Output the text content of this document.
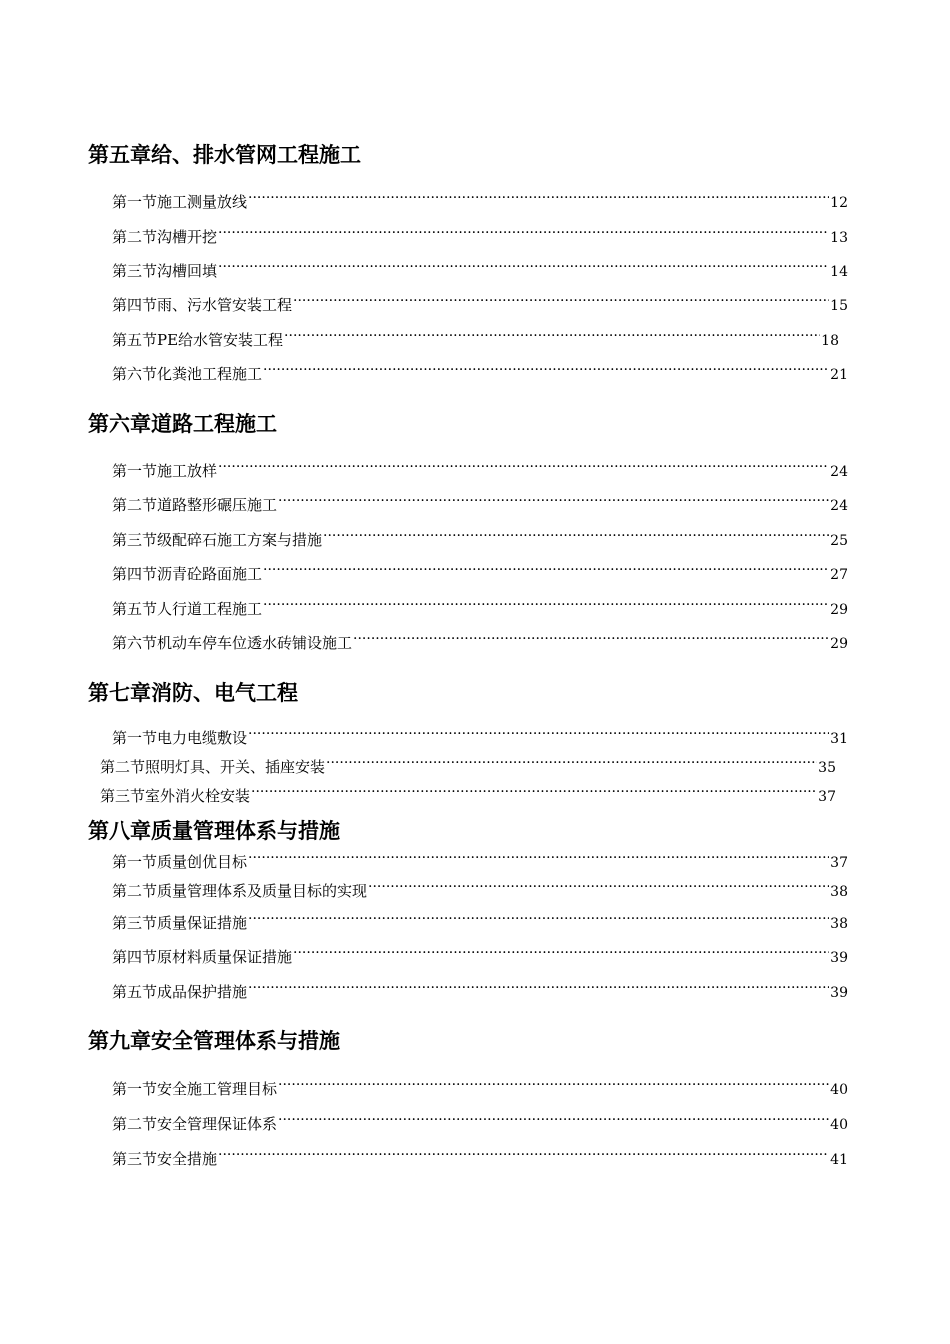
第五章给、排水管网工程施工
第一节施工测量放线 ·····	12
第二节沟槽开挖 ·····	13
第三节沟槽回填 ·····	14
第四节雨、污水管安装工程 ·····	15
第五节PE给水管安装工程 ·····	18
第六节化粪池工程施工 ·····	21
第六章道路工程施工
第一节施工放样 ·····	24
第二节道路整形碾压施工 ·····	24
第三节级配碎石施工方案与措施 ·····	25
第四节沥青砼路面施工 ·····	27
第五节人行道工程施工 ·····	29
第六节机动车停车位透水砖铺设施工 ·····	29
第七章消防、电气工程
第一节电力电缆敷设 ·····	31
第二节照明灯具、开关、插座安装 ·····	35
第三节室外消火栓安装 ·····	37
第八章质量管理体系与措施
第一节质量创优目标 ·····	37
第二节质量管理体系及质量目标的实现 ·····	38
第三节质量保证措施 ·····	38
第四节原材料质量保证措施 ·····	39
第五节成品保护措施 ·····	39
第九章安全管理体系与措施
第一节安全施工管理目标 ·····	40
第二节安全管理保证体系 ·····	40
第三节安全措施 ·····	41
